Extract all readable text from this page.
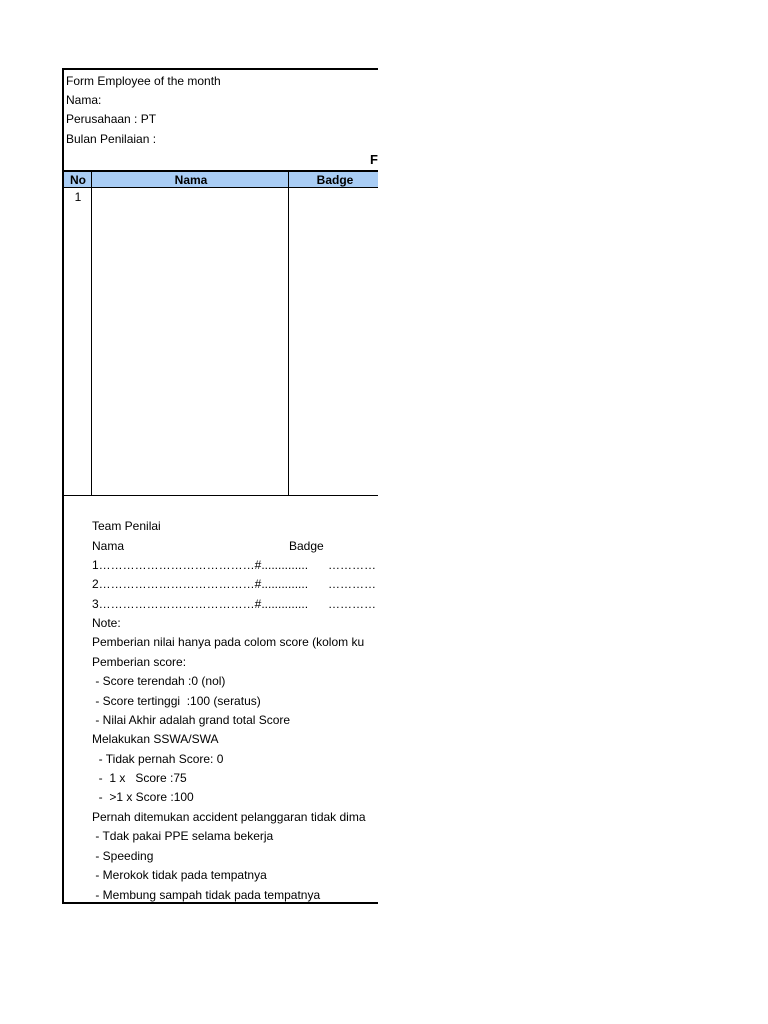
Form Employee of the month
Nama:
Perusahaan : PT
Bulan Penilaian :
F
No	Nama	Badge
1
Team Penilai
Nama	Badge
1…………………………………#.............. …………
2…………………………………#.............. …………
3…………………………………#.............. …………
Note:
Pemberian nilai hanya pada colom score (kolom ku
Pemberian score:
- Score terendah :0 (nol)
- Score tertinggi  :100 (seratus)
- Nilai Akhir adalah grand total Score
Melakukan SSWA/SWA
- Tidak pernah Score: 0
-  1 x   Score :75
-  >1 x Score :100
Pernah ditemukan accident pelanggaran tidak dima
- Tdak pakai PPE selama bekerja
- Speeding
- Merokok tidak pada tempatnya
- Membung sampah tidak pada tempatnya
